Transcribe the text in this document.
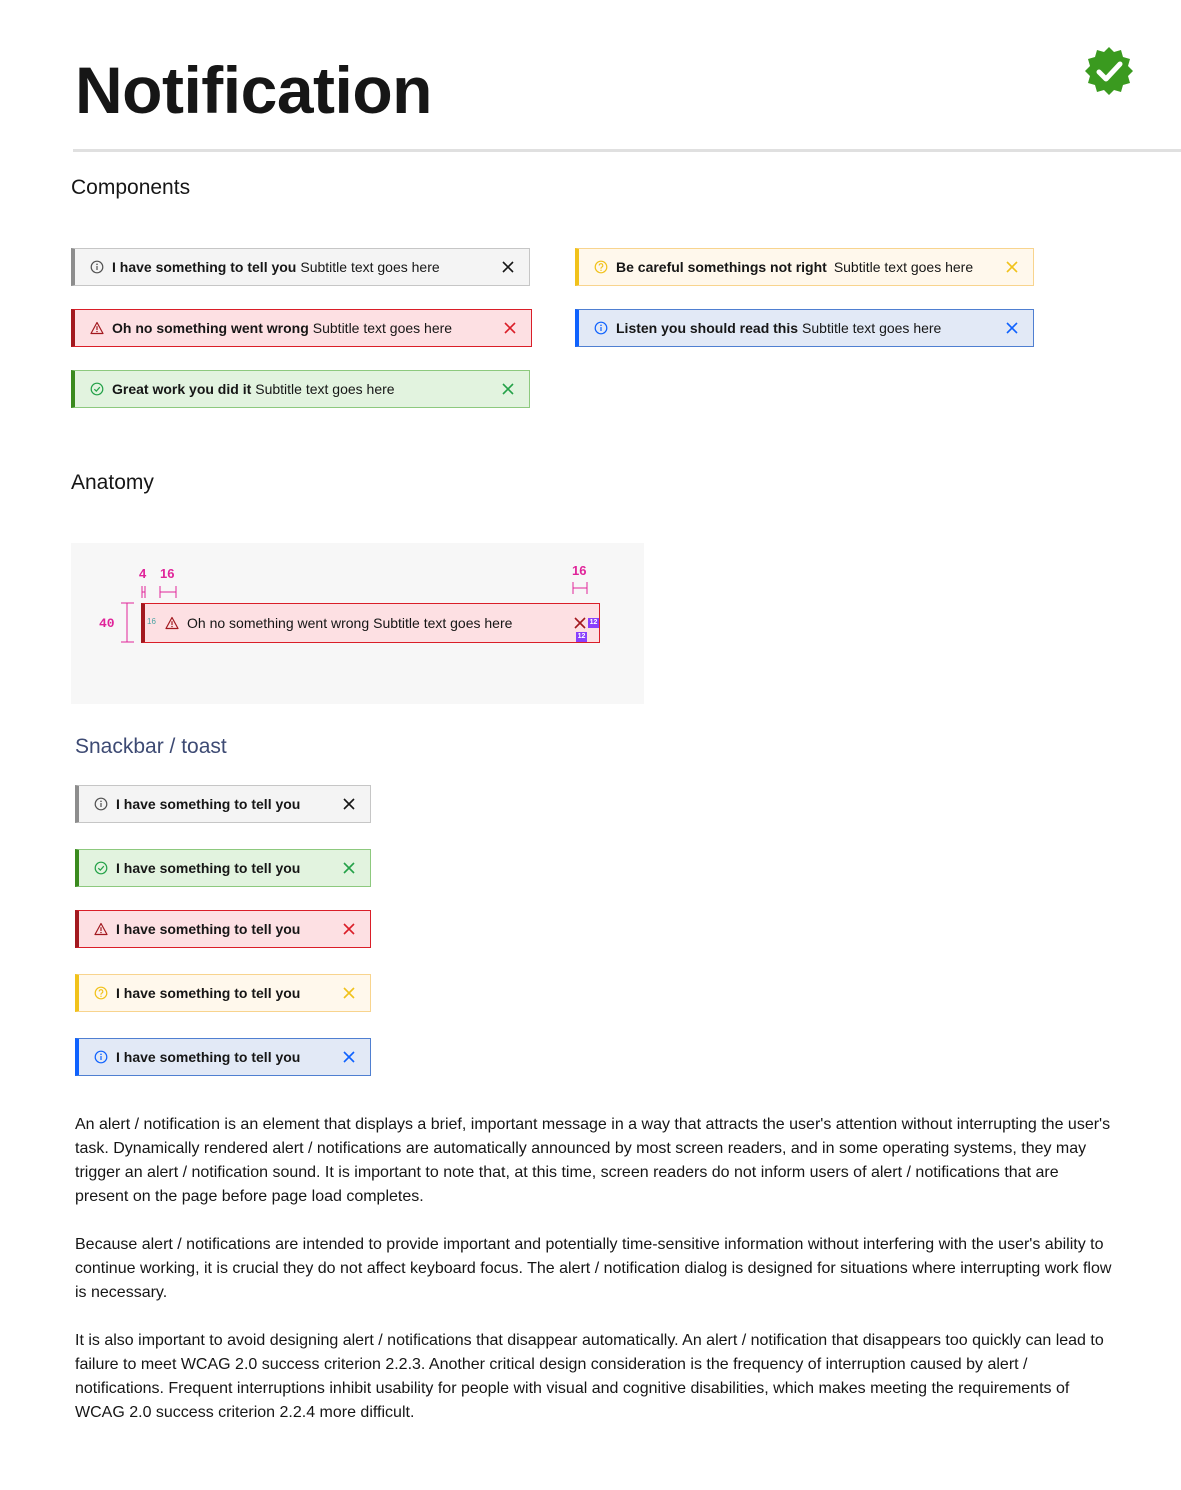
Notification
Components
I have something to tell you Subtitle text goes here	Be careful somethings not right Subtitle text goes here
Oh no something went wrong Subtitle text goes here	Listen you should read this Subtitle text goes here
Great work you did it Subtitle text goes here
Anatomy
4 16	16
40	16 Oh no something went wrong Subtitle text goes here	12
12
Snackbar / toast
I have something to tell you
I have something to tell you
I have something to tell you
I have something to tell you
I have something to tell you

An alert / notification is an element that displays a brief, important message in a way that attracts the user's attention without interrupting the user's task. Dynamically rendered alert / notifications are automatically announced by most screen readers, and in some operating systems, they may trigger an alert / notification sound. It is important to note that, at this time, screen readers do not inform users of alert / notifications that are present on the page before page load completes.

Because alert / notifications are intended to provide important and potentially time-sensitive information without interfering with the user's ability to continue working, it is crucial they do not affect keyboard focus. The alert / notification dialog is designed for situations where interrupting work flow is necessary.

It is also important to avoid designing alert / notifications that disappear automatically. An alert / notification that disappears too quickly can lead to failure to meet WCAG 2.0 success criterion 2.2.3. Another critical design consideration is the frequency of interruption caused by alert / notifications. Frequent interruptions inhibit usability for people with visual and cognitive disabilities, which makes meeting the requirements of WCAG 2.0 success criterion 2.2.4 more difficult.
